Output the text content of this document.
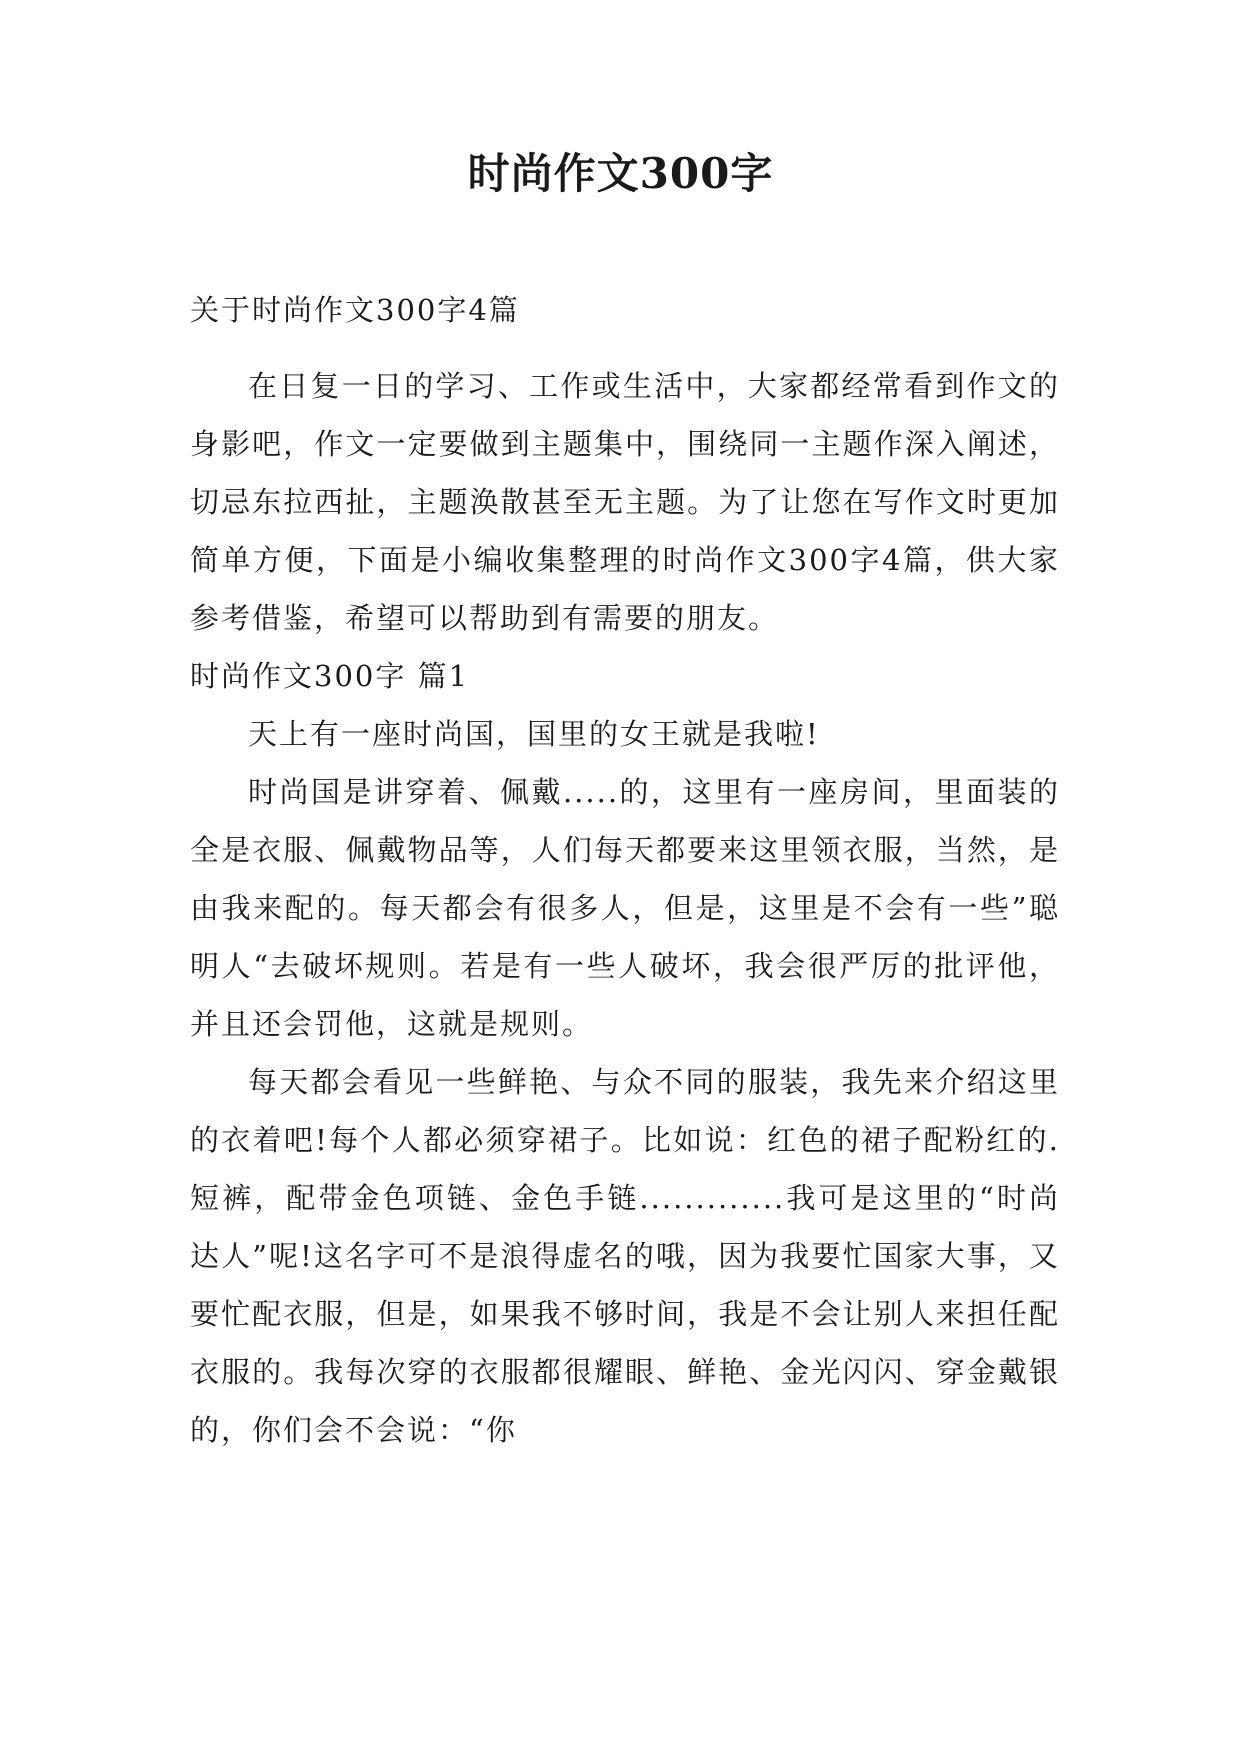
时尚作文300字
关于时尚作文300字4篇

在日复一日的学习、工作或生活中，大家都经常看到作文的身影吧，作文一定要做到主题集中，围绕同一主题作深入阐述，切忌东拉西扯，主题涣散甚至无主题。为了让您在写作文时更加简单方便，下面是小编收集整理的时尚作文300字4篇，供大家参考借鉴，希望可以帮助到有需要的朋友。

时尚作文300字 篇1

天上有一座时尚国，国里的女王就是我啦!

时尚国是讲穿着、佩戴.....的，这里有一座房间，里面装的全是衣服、佩戴物品等，人们每天都要来这里领衣服，当然，是由我来配的。每天都会有很多人，但是，这里是不会有一些”聪明人“去破坏规则。若是有一些人破坏，我会很严厉的批评他，并且还会罚他，这就是规则。

每天都会看见一些鲜艳、与众不同的服装，我先来介绍这里的衣着吧!每个人都必须穿裙子。比如说：红色的裙子配粉红的.短裤，配带金色项链、金色手链.............我可是这里的“时尚达人”呢!这名字可不是浪得虚名的哦，因为我要忙国家大事，又要忙配衣服，但是，如果我不够时间，我是不会让别人来担任配衣服的。我每次穿的衣服都很耀眼、鲜艳、金光闪闪、穿金戴银的，你们会不会说：“你
